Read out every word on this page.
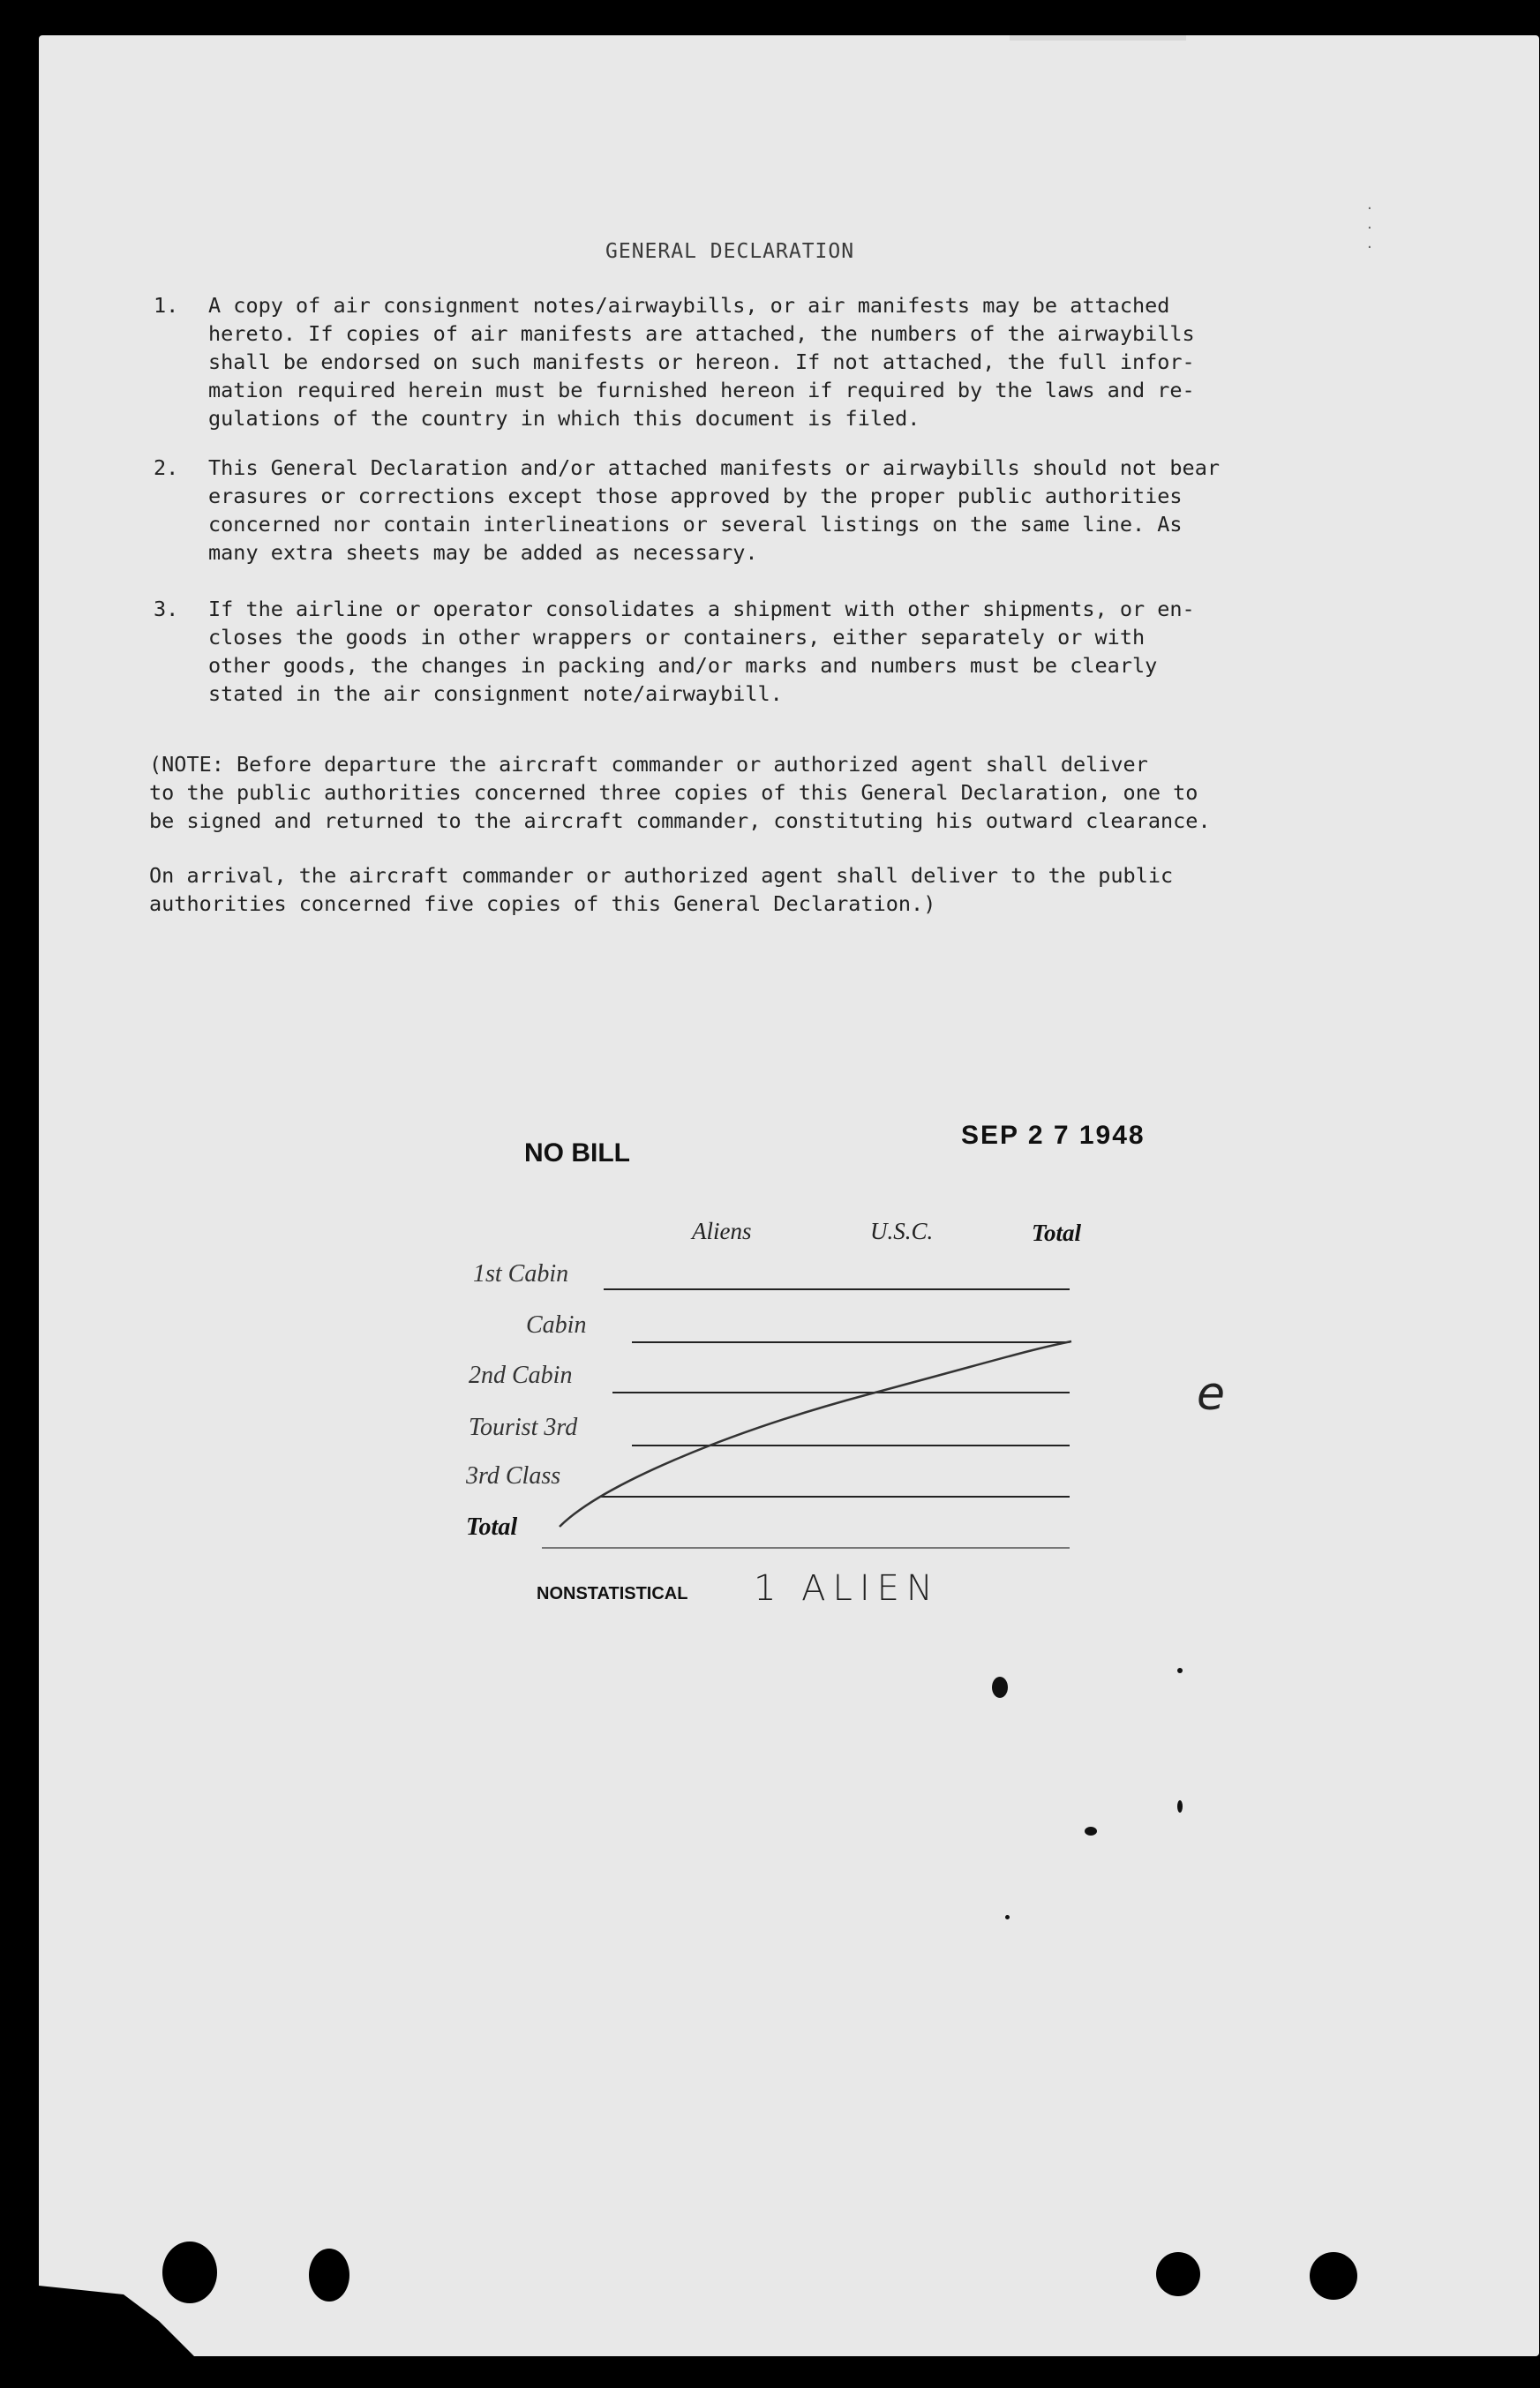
·
·
·
GENERAL DECLARATION
1. A copy of air consignment notes/airwaybills, or air manifests may be attached
hereto. If copies of air manifests are attached, the numbers of the airwaybills
shall be endorsed on such manifests or hereon. If not attached, the full infor-
mation required herein must be furnished hereon if required by the laws and re-
gulations of the country in which this document is filed.
2. This General Declaration and/or attached manifests or airwaybills should not bear
erasures or corrections except those approved by the proper public authorities
concerned nor contain interlineations or several listings on the same line. As
many extra sheets may be added as necessary.
3. If the airline or operator consolidates a shipment with other shipments, or en-
closes the goods in other wrappers or containers, either separately or with
other goods, the changes in packing and/or marks and numbers must be clearly
stated in the air consignment note/airwaybill.
(NOTE: Before departure the aircraft commander or authorized agent shall deliver
to the public authorities concerned three copies of this General Declaration, one to
be signed and returned to the aircraft commander, constituting his outward clearance.
On arrival, the aircraft commander or authorized agent shall deliver to the public
authorities concerned five copies of this General Declaration.)
NO BILL
SEP 2 7 1948
Aliens	U.S.C.	Total
1st Cabin
Cabin
2nd Cabin
Tourist 3rd
3rd Class
Total
NONSTATISTICAL 1 ALIEN
e
